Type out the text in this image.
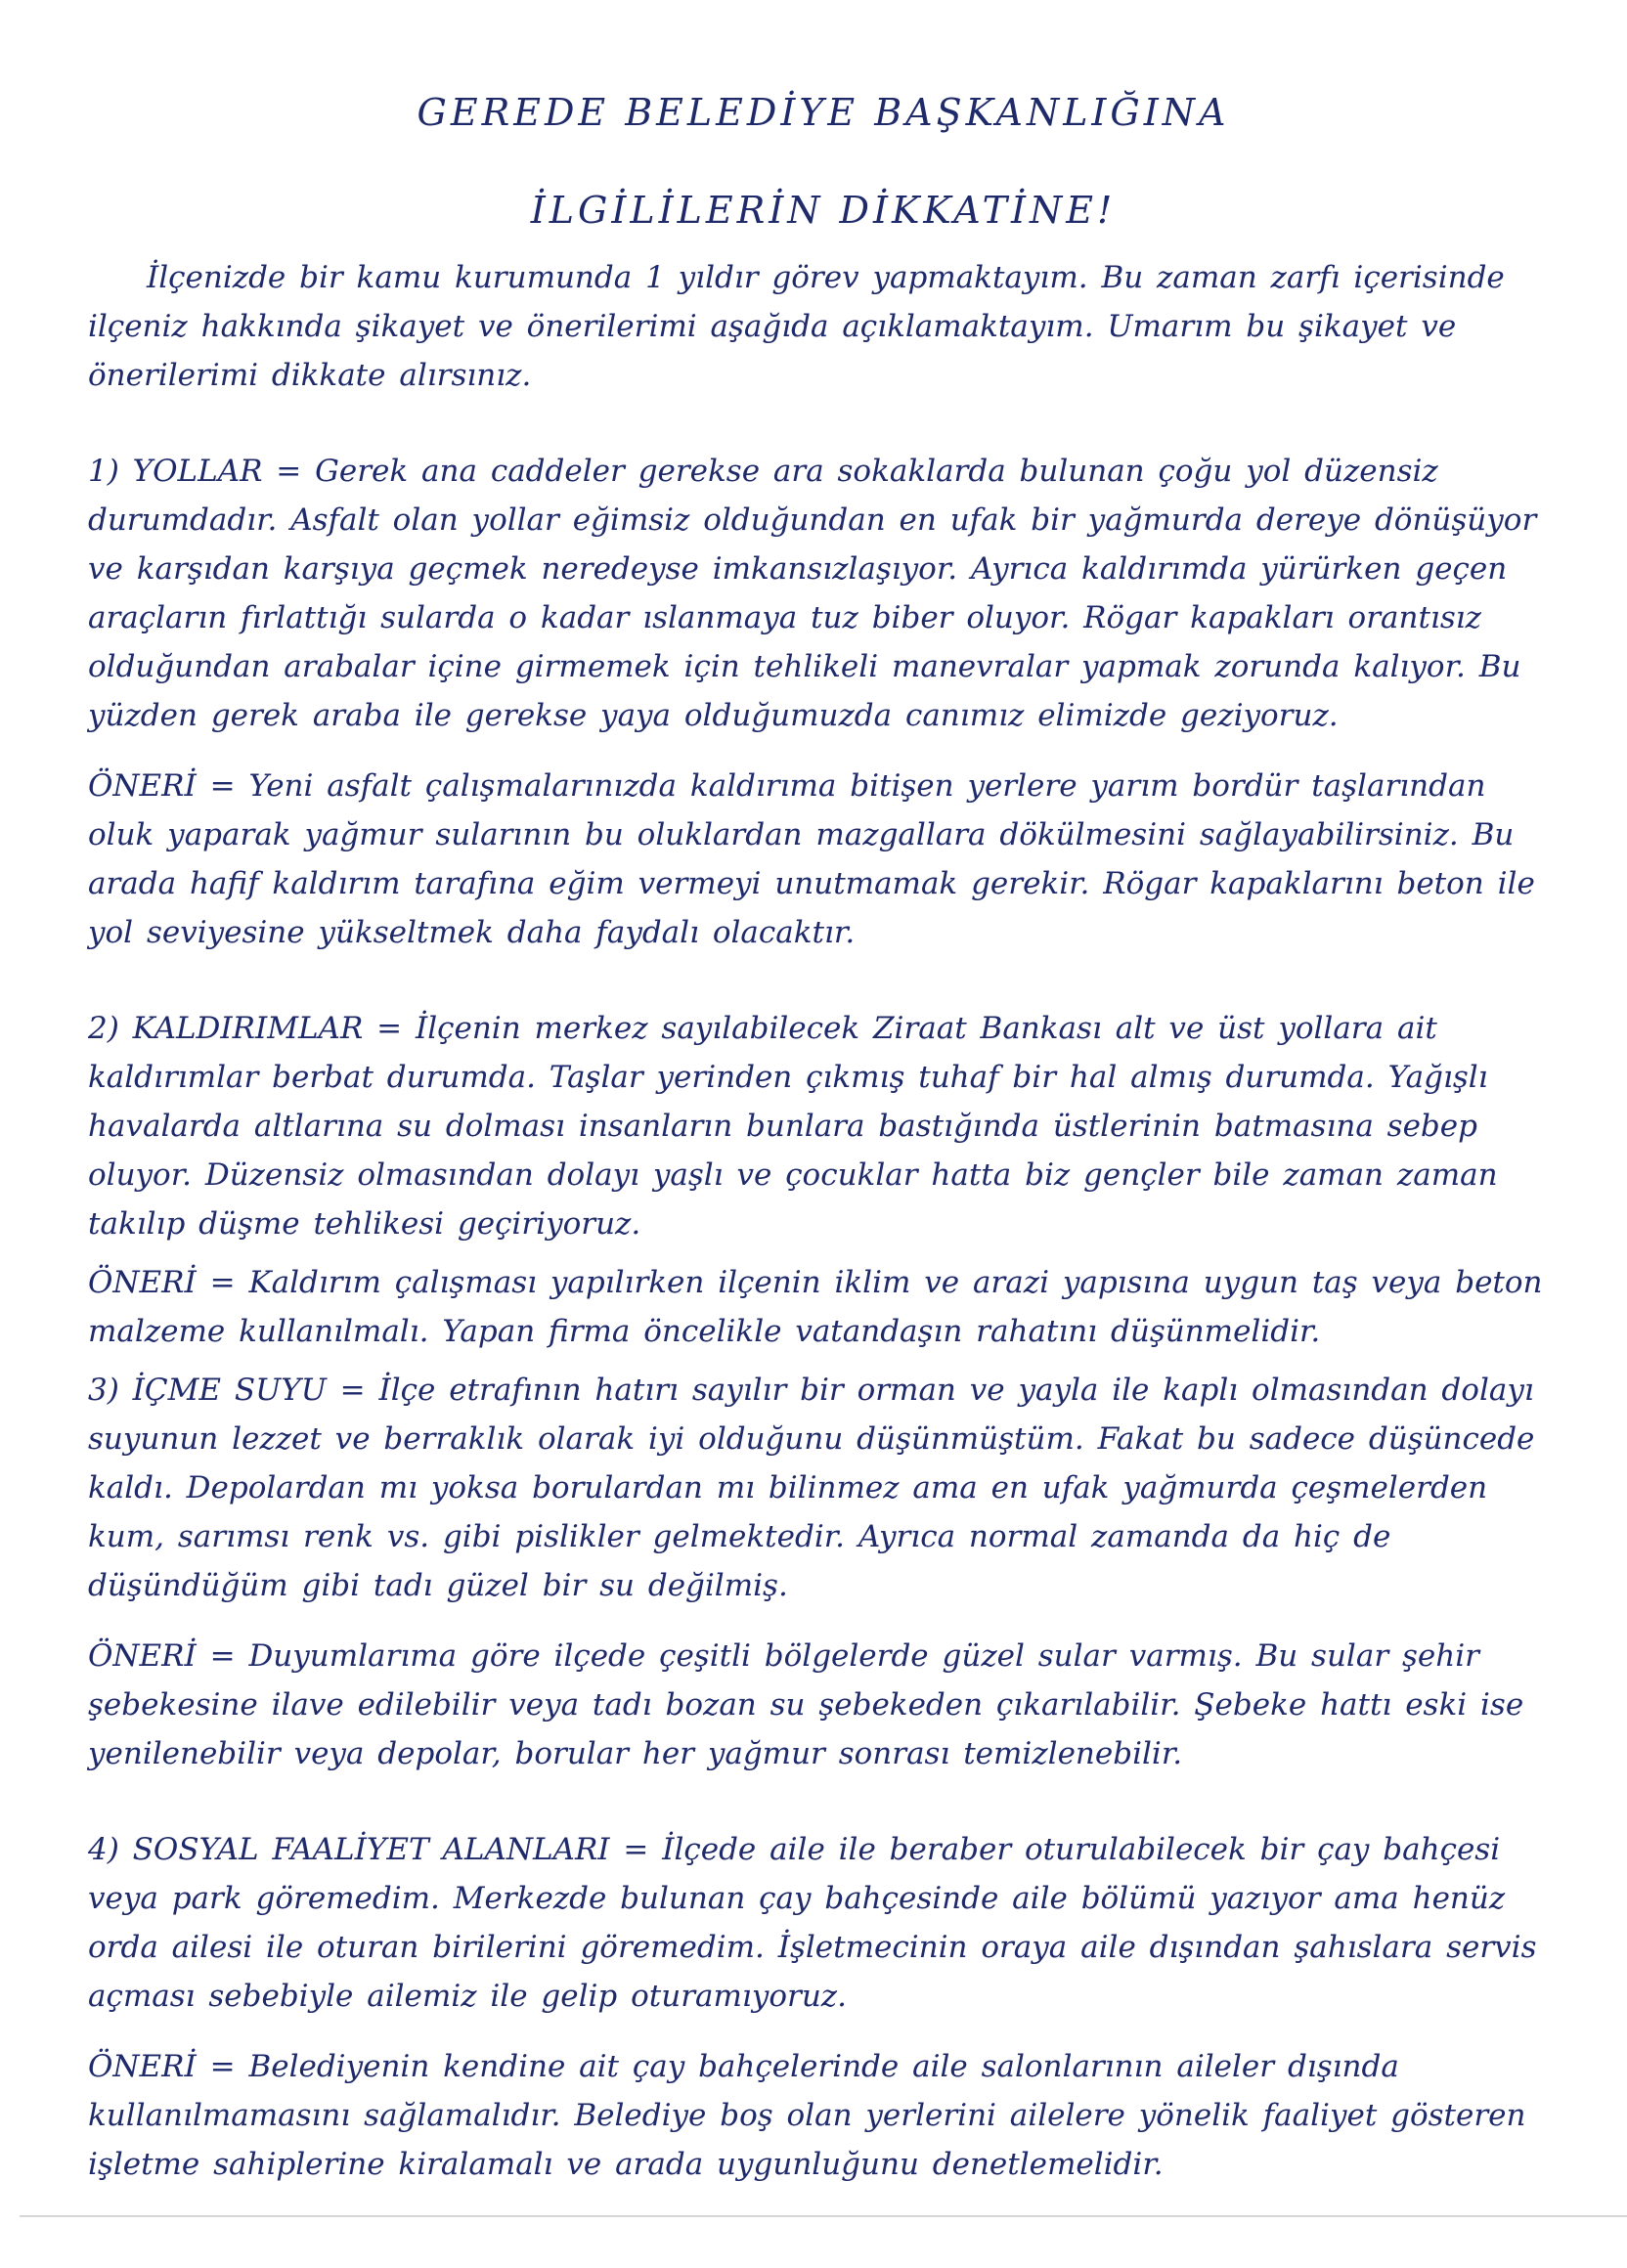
GEREDE BELEDİYE BAŞKANLIĞINA
İLGİLİLERİN DİKKATİNE!

İlçenizde bir kamu kurumunda 1 yıldır görev yapmaktayım. Bu zaman zarfı içerisinde ilçeniz hakkında şikayet ve önerilerimi aşağıda açıklamaktayım. Umarım bu şikayet ve önerilerimi dikkate alırsınız.

1) YOLLAR = Gerek ana caddeler gerekse ara sokaklarda bulunan çoğu yol düzensiz durumdadır. Asfalt olan yollar eğimsiz olduğundan en ufak bir yağmurda dereye dönüşüyor ve karşıdan karşıya geçmek neredeyse imkansızlaşıyor. Ayrıca kaldırımda yürürken geçen araçların fırlattığı sularda o kadar ıslanmaya tuz biber oluyor. Rögar kapakları orantısız olduğundan arabalar içine girmemek için tehlikeli manevralar yapmak zorunda kalıyor. Bu yüzden gerek araba ile gerekse yaya olduğumuzda canımız elimizde geziyoruz.

ÖNERİ = Yeni asfalt çalışmalarınızda kaldırıma bitişen yerlere yarım bordür taşlarından oluk yaparak yağmur sularının bu oluklardan mazgallara dökülmesini sağlayabilirsiniz. Bu arada hafif kaldırım tarafına eğim vermeyi unutmamak gerekir. Rögar kapaklarını beton ile yol seviyesine yükseltmek daha faydalı olacaktır.

2) KALDIRIMLAR = İlçenin merkez sayılabilecek Ziraat Bankası alt ve üst yollara ait kaldırımlar berbat durumda. Taşlar yerinden çıkmış tuhaf bir hal almış durumda. Yağışlı havalarda altlarına su dolması insanların bunlara bastığında üstlerinin batmasına sebep oluyor. Düzensiz olmasından dolayı yaşlı ve çocuklar hatta biz gençler bile zaman zaman takılıp düşme tehlikesi geçiriyoruz.

ÖNERİ = Kaldırım çalışması yapılırken ilçenin iklim ve arazi yapısına uygun taş veya beton malzeme kullanılmalı. Yapan firma öncelikle vatandaşın rahatını düşünmelidir.

3) İÇME SUYU = İlçe etrafının hatırı sayılır bir orman ve yayla ile kaplı olmasından dolayı suyunun lezzet ve berraklık olarak iyi olduğunu düşünmüştüm. Fakat bu sadece düşüncede kaldı. Depolardan mı yoksa borulardan mı bilinmez ama en ufak yağmurda çeşmelerden kum, sarımsı renk vs. gibi pislikler gelmektedir. Ayrıca normal zamanda da hiç de düşündüğüm gibi tadı güzel bir su değilmiş.

ÖNERİ = Duyumlarıma göre ilçede çeşitli bölgelerde güzel sular varmış. Bu sular şehir şebekesine ilave edilebilir veya tadı bozan su şebekeden çıkarılabilir. Şebeke hattı eski ise yenilenebilir veya depolar, borular her yağmur sonrası temizlenebilir.

4) SOSYAL FAALİYET ALANLARI = İlçede aile ile beraber oturulabilecek bir çay bahçesi veya park göremedim. Merkezde bulunan çay bahçesinde aile bölümü yazıyor ama henüz orda ailesi ile oturan birilerini göremedim. İşletmecinin oraya aile dışından şahıslara servis açması sebebiyle ailemiz ile gelip oturamıyoruz.

ÖNERİ = Belediyenin kendine ait çay bahçelerinde aile salonlarının aileler dışında kullanılmamasını sağlamalıdır. Belediye boş olan yerlerini ailelere yönelik faaliyet gösteren işletme sahiplerine kiralamalı ve arada uygunluğunu denetlemelidir.
